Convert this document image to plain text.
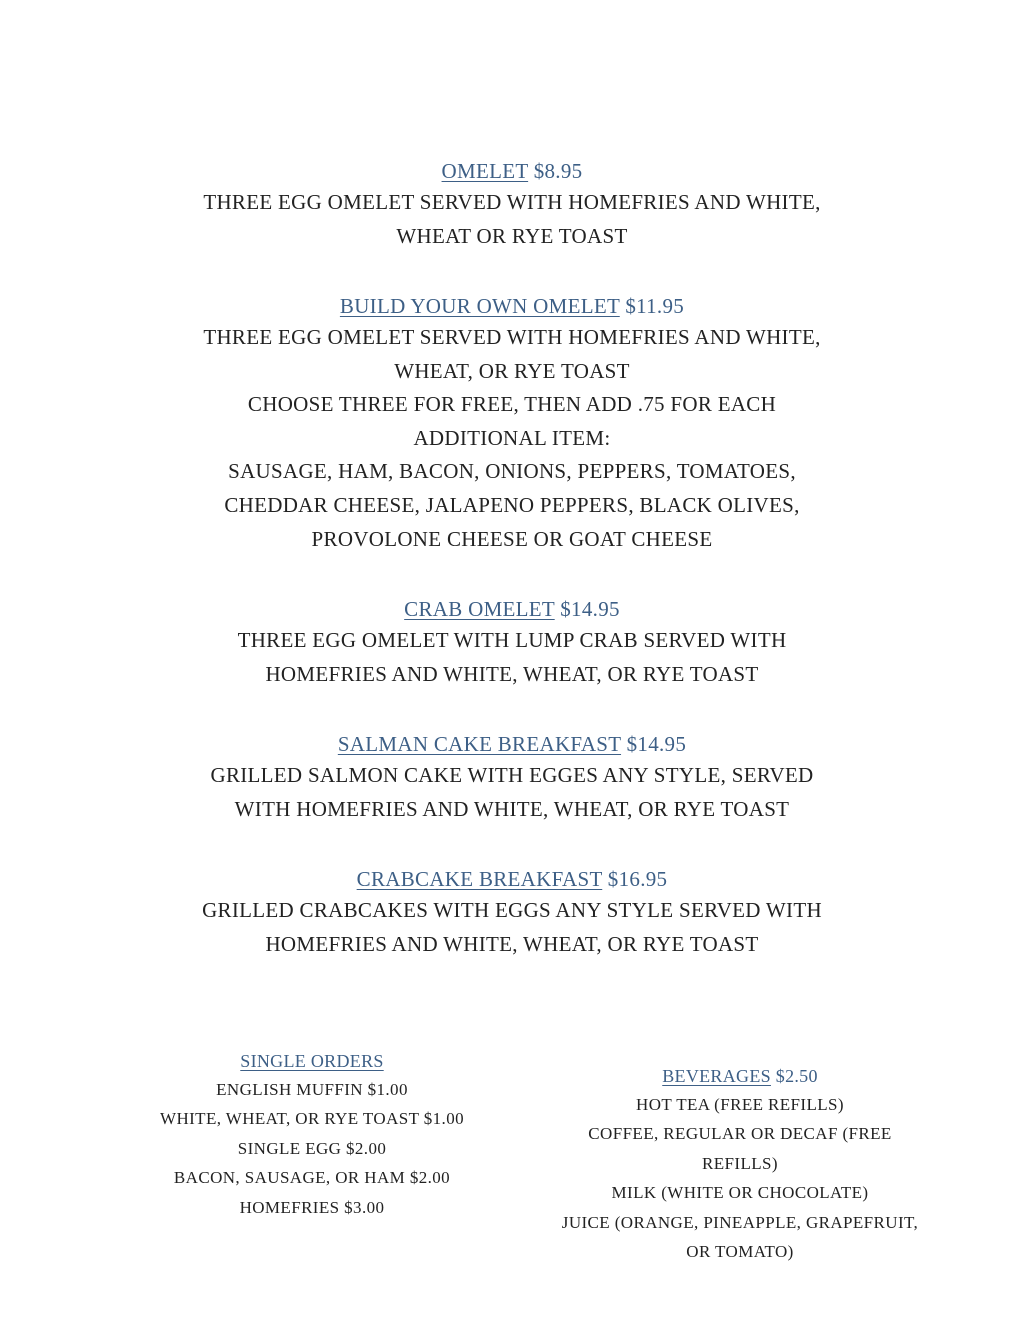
OMELET $8.95
THREE EGG OMELET SERVED WITH HOMEFRIES AND WHITE,
WHEAT OR RYE TOAST
BUILD YOUR OWN OMELET $11.95
THREE EGG OMELET SERVED WITH HOMEFRIES AND WHITE,
WHEAT, OR RYE TOAST
CHOOSE THREE FOR FREE, THEN ADD .75 FOR EACH
ADDITIONAL ITEM:
SAUSAGE, HAM, BACON, ONIONS, PEPPERS, TOMATOES,
CHEDDAR CHEESE, JALAPENO PEPPERS, BLACK OLIVES,
PROVOLONE CHEESE OR GOAT CHEESE
CRAB OMELET $14.95
THREE EGG OMELET WITH LUMP CRAB SERVED WITH
HOMEFRIES AND WHITE, WHEAT, OR RYE TOAST
SALMAN CAKE BREAKFAST $14.95
GRILLED SALMON CAKE WITH EGGES ANY STYLE, SERVED
WITH HOMEFRIES AND WHITE, WHEAT, OR RYE TOAST
CRABCAKE BREAKFAST $16.95
GRILLED CRABCAKES WITH EGGS ANY STYLE SERVED WITH
HOMEFRIES AND WHITE, WHEAT, OR RYE TOAST
SINGLE ORDERS
ENGLISH MUFFIN $1.00
WHITE, WHEAT, OR RYE TOAST $1.00
SINGLE EGG $2.00
BACON, SAUSAGE, OR HAM $2.00
HOMEFRIES $3.00
BEVERAGES $2.50
HOT TEA (FREE REFILLS)
COFFEE, REGULAR OR DECAF (FREE
REFILLS)
MILK (WHITE OR CHOCOLATE)
JUICE (ORANGE, PINEAPPLE, GRAPEFRUIT,
OR TOMATO)
